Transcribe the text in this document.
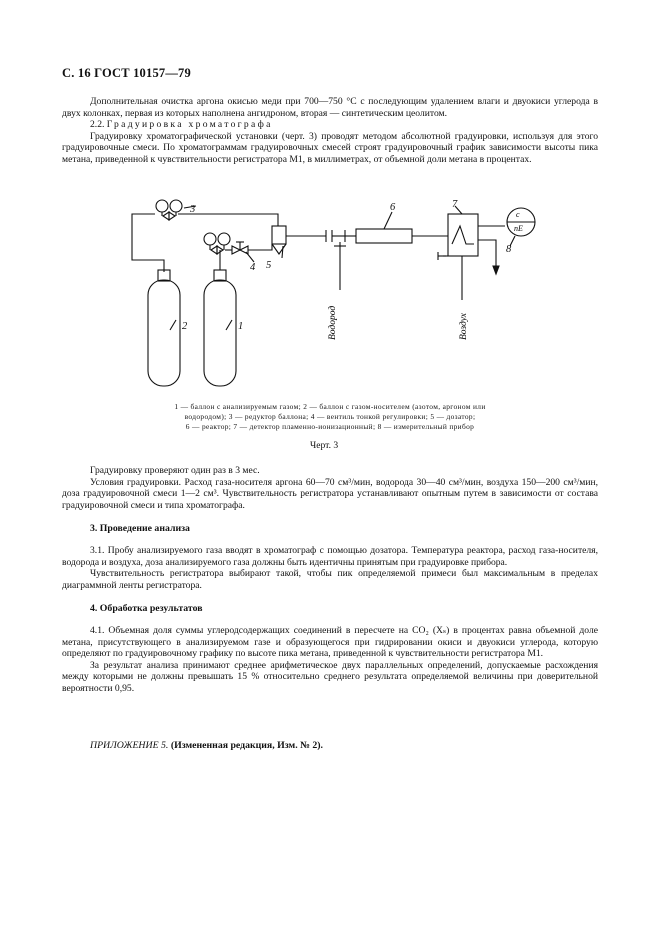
С. 16 ГОСТ 10157—79

Дополнительная очистка аргона окисью меди при 700—750 °С с последующим удалением влаги и двуокиси углерода в двух колонках, первая из которых наполнена ангидроном, вторая — синтетическим цеолитом.

2.2. Градуировка хроматографа

Градуировку хроматографической установки (черт. 3) проводят методом абсолютной градуировки, используя для этого градуировочные смеси. По хроматограммам градуировочных смесей строят градуировочный график зависимости высоты пика метана, приведенной к чувствительности регистратора М1, в миллиметрах, от объемной доли метана в процентах.

3
4 5
6	7
8
2	1
с
пЕ
Водород	Воздух
1 — баллон с анализируемым газом; 2 — баллон с газом-носителем (азотом, аргоном или
водородом); 3 — редуктор баллона; 4 — вентиль тонкой регулировки; 5 — дозатор;
6 — реактор; 7 — детектор пламенно-ионизационный; 8 — измерительный прибор
Черт. 3

Градуировку проверяют один раз в 3 мес.

Условия градуировки. Расход газа-носителя аргона 60—70 см³/мин, водорода 30—40 см³/мин, воздуха 150—200 см³/мин, доза градуировочной смеси 1—2 см³. Чувствительность регистратора устанавливают опытным путем в зависимости от состава градуировочной смеси и типа хроматографа.

3. Проведение анализа

3.1. Пробу анализируемого газа вводят в хроматограф с помощью дозатора. Температура реактора, расход газа-носителя, водорода и воздуха, доза анализируемого газа должны быть идентичны принятым при градуировке прибора.

Чувствительность регистратора выбирают такой, чтобы пик определяемой примеси был максимальным в пределах диаграммной ленты регистратора.

4. Обработка результатов

4.1. Объемная доля суммы углеродсодержащих соединений в пересчете на СО₂ (Xₛ) в процентах равна объемной доле метана, присутствующего в анализируемом газе и образующегося при гидрировании окиси и двуокиси углерода, которую определяют по градуировочному графику по высоте пика метана, приведенной к чувствительности регистратора М1.

За результат анализа принимают среднее арифметическое двух параллельных определений, допускаемые расхождения между которыми не должны превышать 15 % относительно среднего результата определяемой величины при доверительной вероятности 0,95.

ПРИЛОЖЕНИЕ 5. (Измененная редакция, Изм. № 2).
